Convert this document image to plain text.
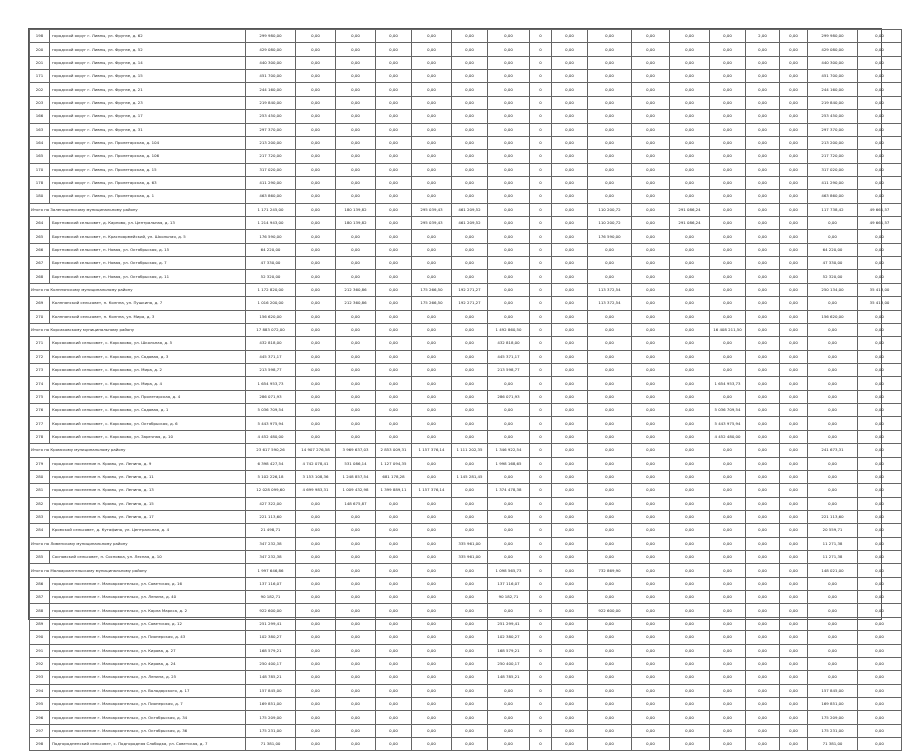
198	городской округ г. Ливны, ул. Фрунзе, д. 62	299 980,00	0,00	0,00	0,00	0,00	0,00	0,00	0	0,00	0,00	0,00	0,00	0,00	2,00	0,00	299 980,00	0,00
200	городской округ г. Ливны, ул. Фрунзе, д. 52	429 080,00	0,00	0,00	0,00	0,00	0,00	0,00	0	0,00	0,00	0,00	0,00	0,00	0,00	0,00	429 080,00	0,00
201	городской округ г. Ливны, ул. Фрунзе, д. 14	440 300,00	0,00	0,00	0,00	0,00	0,00	0,00	0	0,00	0,00	0,00	0,00	0,00	0,00	0,00	440 300,00	0,00
171	городской округ г. Ливны, ул. Фрунзе, д. 15	451 700,00	0,00	0,00	0,00	0,00	0,00	0,00	0	0,00	0,00	0,00	0,00	0,00	0,00	0,00	451 700,00	0,00
202	городской округ г. Ливны, ул. Фрунзе, д. 21	244 160,00	0,00	0,00	0,00	0,00	0,00	0,00	0	0,00	0,00	0,00	0,00	0,00	0,00	0,00	244 160,00	0,00
203	городской округ г. Ливны, ул. Фрунзе, д. 23	219 840,00	0,00	0,00	0,00	0,00	0,00	0,00	0	0,00	0,00	0,00	0,00	0,00	0,00	0,00	219 840,00	0,00
166	городской округ г. Ливны, ул. Фрунзе, д. 17	253 450,00	0,00	0,00	0,00	0,00	0,00	0,00	0	0,00	0,00	0,00	0,00	0,00	0,00	0,00	253 450,00	0,00
163	городской округ г. Ливны, ул. Фрунзе, д. 31	297 370,00	0,00	0,00	0,00	0,00	0,00	0,00	0	0,00	0,00	0,00	0,00	0,00	0,00	0,00	297 370,00	0,00
164	городской округ г. Ливны, ул. Пролетарская, д. 104	213 200,00	0,00	0,00	0,00	0,00	0,00	0,00	0	0,00	0,00	0,00	0,00	0,00	0,00	0,00	213 200,00	0,00
165	городской округ г. Ливны, ул. Пролетарская, д. 106	217 720,00	0,00	0,00	0,00	0,00	0,00	0,00	0	0,00	0,00	0,00	0,00	0,00	0,00	0,00	217 720,00	0,00
170	городской округ г. Ливны, ул. Пролетарская, д. 15	317 020,00	0,00	0,00	0,00	0,00	0,00	0,00	0	0,00	0,00	0,00	0,00	0,00	0,00	0,00	317 020,00	0,00
178	городской округ г. Ливны, ул. Пролетарская, д. 63	411 290,00	0,00	0,00	0,00	0,00	0,00	0,00	0	0,00	0,00	0,00	0,00	0,00	0,00	0,00	411 290,00	0,00
180	городской округ г. Ливны, ул. Пролетарская, д. 1	463 860,00	0,00	0,00	0,00	0,00	0,00	0,00	0	0,00	0,00	0,00	0,00	0,00	0,00	0,00	463 860,00	0,00
Итого по Залегощенскому муниципальному району		1 171 245,00	0,00	180 139,82	0,00	295 039,43	461 209,52	0,00	0	0,00	110 200,72	0,00	291 086,24	0,00	0,00	0,00	117 738,42	49 661,57
264	Бортновский сельсовет, д. Карпово, ул. Центральная, д. 13	1 214 943,00	0,00	180 139,82	0,00	295 039,43	461 209,52	0,00	0	0,00	110 200,72	0,00	291 086,24	0,00	0,00	0,00	0,00	49 661,57
265	Бортновский сельсовет, п. Красноармейский, ул. Школьная, д. 5	176 590,00	0,00	0,00	0,00	0,00	0,00	0,00	0	0,00	176 590,00	0,00	0,00	0,00	0,00	0,00	0,00	0,00
266	Бортновский сельсовет, п. Новая, ул. Октябрьская, д. 15	64 220,00	0,00	0,00	0,00	0,00	0,00	0,00	0	0,00	0,00	0,00	0,00	0,00	0,00	0,00	64 220,00	0,00
267	Бортновский сельсовет, п. Новая, ул. Октябрьская, д. 7	47 330,00	0,00	0,00	0,00	0,00	0,00	0,00	0	0,00	0,00	0,00	0,00	0,00	0,00	0,00	47 330,00	0,00
268	Бортновский сельсовет, п. Новая, ул. Октябрьская, д. 11	52 320,00	0,00	0,00	0,00	0,00	0,00	0,00	0	0,00	0,00	0,00	0,00	0,00	0,00	0,00	52 320,00	0,00
Итого по Колпнянскому муниципальному району		1 172 820,00	0,00	212 360,86	0,00	175 266,50	192 271,27	0,00	0	0,00	113 372,54	0,00	0,00	0,00	0,00	0,00	250 134,00	35 413,00
269	Колпнянский сельсовет, п. Колпна, ул. Пушкина, д. 7	1 016 200,00	0,00	212 360,86	0,00	175 266,50	192 271,27	0,00	0	0,00	113 372,54	0,00	0,00	0,00	0,00	0,00	0,00	35 413,00
270	Колпнянский сельсовет, п. Колпна, ул. Мира, д. 3	156 620,00	0,00	0,00	0,00	0,00	0,00	0,00	0	0,00	0,00	0,00	0,00	0,00	0,00	0,00	156 620,00	0,00
Итого по Корсаковскому муниципальному району		17 883 072,00	0,00	0,00	0,00	0,00	0,00	1 492 860,50	0	0,00	0,00	0,00	0,00	16 408 211,50	0,00	0,00	0,00	0,00
271	Корсаковский сельсовет, с. Корсаково, ул. Школьная, д. 5	432 818,00	0,00	0,00	0,00	0,00	0,00	432 818,00	0	0,00	0,00	0,00	0,00	0,00	0,00	0,00	0,00	0,00
272	Корсаковский сельсовет, с. Корсаково, ул. Садовая, д. 3	445 371,17	0,00	0,00	0,00	0,00	0,00	445 371,17	0	0,00	0,00	0,00	0,00	0,00	0,00	0,00	0,00	0,00
273	Корсаковский сельсовет, с. Корсаково, ул. Мира, д. 2	213 598,77	0,00	0,00	0,00	0,00	0,00	213 598,77	0	0,00	0,00	0,00	0,00	0,00	0,00	0,00	0,00	0,00
274	Корсаковский сельсовет, с. Корсаково, ул. Мира, д. 4	1 654 953,73	0,00	0,00	0,00	0,00	0,00	0,00	0	0,00	0,00	0,00	0,00	1 654 953,73	0,00	0,00	0,00	0,00
275	Корсаковский сельсовет, с. Корсаково, ул. Пролетарская, д. 4	286 071,93	0,00	0,00	0,00	0,00	0,00	286 071,93	0	0,00	0,00	0,00	0,00	0,00	0,00	0,00	0,00	0,00
276	Корсаковский сельсовет, с. Корсаково, ул. Садовая, д. 1	5 036 709,54	0,00	0,00	0,00	0,00	0,00	0,00	0	0,00	0,00	0,00	0,00	5 036 709,54	0,00	0,00	0,00	0,00
277	Корсаковский сельсовет, с. Корсаково, ул. Октябрьская, д. 6	5 443 975,94	0,00	0,00	0,00	0,00	0,00	0,00	0	0,00	0,00	0,00	0,00	5 443 975,94	0,00	0,00	0,00	0,00
278	Корсаковский сельсовет, с. Корсаково, ул. Заречная, д. 10	4 452 480,00	0,00	0,00	0,00	0,00	0,00	0,00	0	0,00	0,00	0,00	0,00	4 452 480,00	0,00	0,00	0,00	0,00
Итого по Кромскому муниципальному району		23 617 590,26	14 907 276,58	3 969 637,03	2 853 009,31	1 157 376,14	1 111 202,35	1 346 922,54	0	0,00	0,00	0,00	0,00	0,00	0,00	0,00	241 673,31	0,00
279	городское поселение п. Кромы, ул. Ленина, д. 9	6 398 427,54	4 742 078,41	531 086,14	1 127 094,35	0,00	0,00	1 998 168,65	0	0,00	0,00	0,00	0,00	0,00	0,00	0,00	0,00	0,00
280	городское поселение п. Кромы, ул. Ленина, д. 11	5 102 226,18	3 153 108,36	1 248 857,54	681 178,28	0,00	1 145 281,45	0,00	0	0,00	0,00	0,00	0,00	0,00	0,00	0,00	0,00	0,00
281	городское поселение п. Кромы, ул. Ленина, д. 13	12 028 099,60	4 699 983,31	1 009 432,98	1 399 889,11	1 157 376,14	0,00	1 374 478,38	0	0,00	0,00	0,00	0,00	0,00	0,00	0,00	0,00	0,00
282	городское поселение п. Кромы, ул. Ленина, д. 15	427 322,00	0,00	148 675,87	0,00	0,00	0,00	0,00	0	0,00	0,00	0,00	0,00	0,00	0,00	0,00	0,00	0,00
283	городское поселение п. Кромы, ул. Ленина, д. 17	221 113,60	0,00	0,00	0,00	0,00	0,00	0,00	0	0,00	0,00	0,00	0,00	0,00	0,00	0,00	221 113,60	0,00
284	Кромской сельсовет, д. Кутафино, ул. Центральная, д. 4	21 498,71	0,00	0,00	0,00	0,00	0,00	0,00	0	0,00	0,00	0,00	0,00	0,00	0,00	0,00	20 559,71	0,00
Итого по Ливенскому муниципальному району		347 232,38	0,00	0,00	0,00	0,00	335 961,00	0,00	0	0,00	0,00	0,00	0,00	0,00	0,00	0,00	11 271,38	0,00
285	Сосновский сельсовет, п. Сосновка, ул. Лесная, д. 10	347 232,38	0,00	0,00	0,00	0,00	335 961,00	0,00	0	0,00	0,00	0,00	0,00	0,00	0,00	0,00	11 271,38	0,00
Итого по Малоархангельскому муниципальному району		1 997 646,86	0,00	0,00	0,00	0,00	0,00	1 098 565,73	0	0,00	732 869,90	0,00	0,00	0,00	0,00	0,00	148 021,00	0,00
286	городское поселение г. Малоархангельск, ул. Советская, д. 16	137 116,07	0,00	0,00	0,00	0,00	0,00	137 116,07	0	0,00	0,00	0,00	0,00	0,00	0,00	0,00	0,00	0,00
287	городское поселение г. Малоархангельск, ул. Ленина, д. 40	90 182,71	0,00	0,00	0,00	0,00	0,00	90 182,71	0	0,00	0,00	0,00	0,00	0,00	0,00	0,00	0,00	0,00
288	городское поселение г. Малоархангельск, ул. Карла Маркса, д. 2	922 600,00	0,00	0,00	0,00	0,00	0,00	0,00	0	0,00	922 600,00	0,00	0,00	0,00	0,00	0,00	0,00	0,00
289	городское поселение г. Малоархангельск, ул. Советская, д. 12	251 299,41	0,00	0,00	0,00	0,00	0,00	251 299,41	0	0,00	0,00	0,00	0,00	0,00	0,00	0,00	0,00	0,00
290	городское поселение г. Малоархангельск, ул. Пионерская, д. 43	102 380,27	0,00	0,00	0,00	0,00	0,00	102 380,27	0	0,00	0,00	0,00	0,00	0,00	0,00	0,00	0,00	0,00
291	городское поселение г. Малоархангельск, ул. Кирова, д. 27	168 579,21	0,00	0,00	0,00	0,00	0,00	168 579,21	0	0,00	0,00	0,00	0,00	0,00	0,00	0,00	0,00	0,00
292	городское поселение г. Малоархангельск, ул. Кирова, д. 24	250 400,17	0,00	0,00	0,00	0,00	0,00	250 400,17	0	0,00	0,00	0,00	0,00	0,00	0,00	0,00	0,00	0,00
293	городское поселение г. Малоархангельск, ул. Ленина, д. 25	148 785,21	0,00	0,00	0,00	0,00	0,00	148 785,21	0	0,00	0,00	0,00	0,00	0,00	0,00	0,00	0,00	0,00
294	городское поселение г. Малоархангельск, ул. Володарского, д. 17	157 845,00	0,00	0,00	0,00	0,00	0,00	0,00	0	0,00	0,00	0,00	0,00	0,00	0,00	0,00	157 845,00	0,00
295	городское поселение г. Малоархангельск, ул. Пионерская, д. 7	169 851,00	0,00	0,00	0,00	0,00	0,00	0,00	0	0,00	0,00	0,00	0,00	0,00	0,00	0,00	169 851,00	0,00
296	городское поселение г. Малоархангельск, ул. Октябрьская, д. 34	175 209,00	0,00	0,00	0,00	0,00	0,00	0,00	0	0,00	0,00	0,00	0,00	0,00	0,00	0,00	175 209,00	0,00
297	городское поселение г. Малоархангельск, ул. Октябрьская, д. 36	175 231,00	0,00	0,00	0,00	0,00	0,00	0,00	0	0,00	0,00	0,00	0,00	0,00	0,00	0,00	175 231,00	0,00
298	Подгородненский сельсовет, с. Подгородняя Слободка, ул. Советская, д. 7	71 381,00	0,00	0,00	0,00	0,00	0,00	0,00	0	0,00	0,00	0,00	0,00	0,00	0,00	0,00	71 381,00	0,00
